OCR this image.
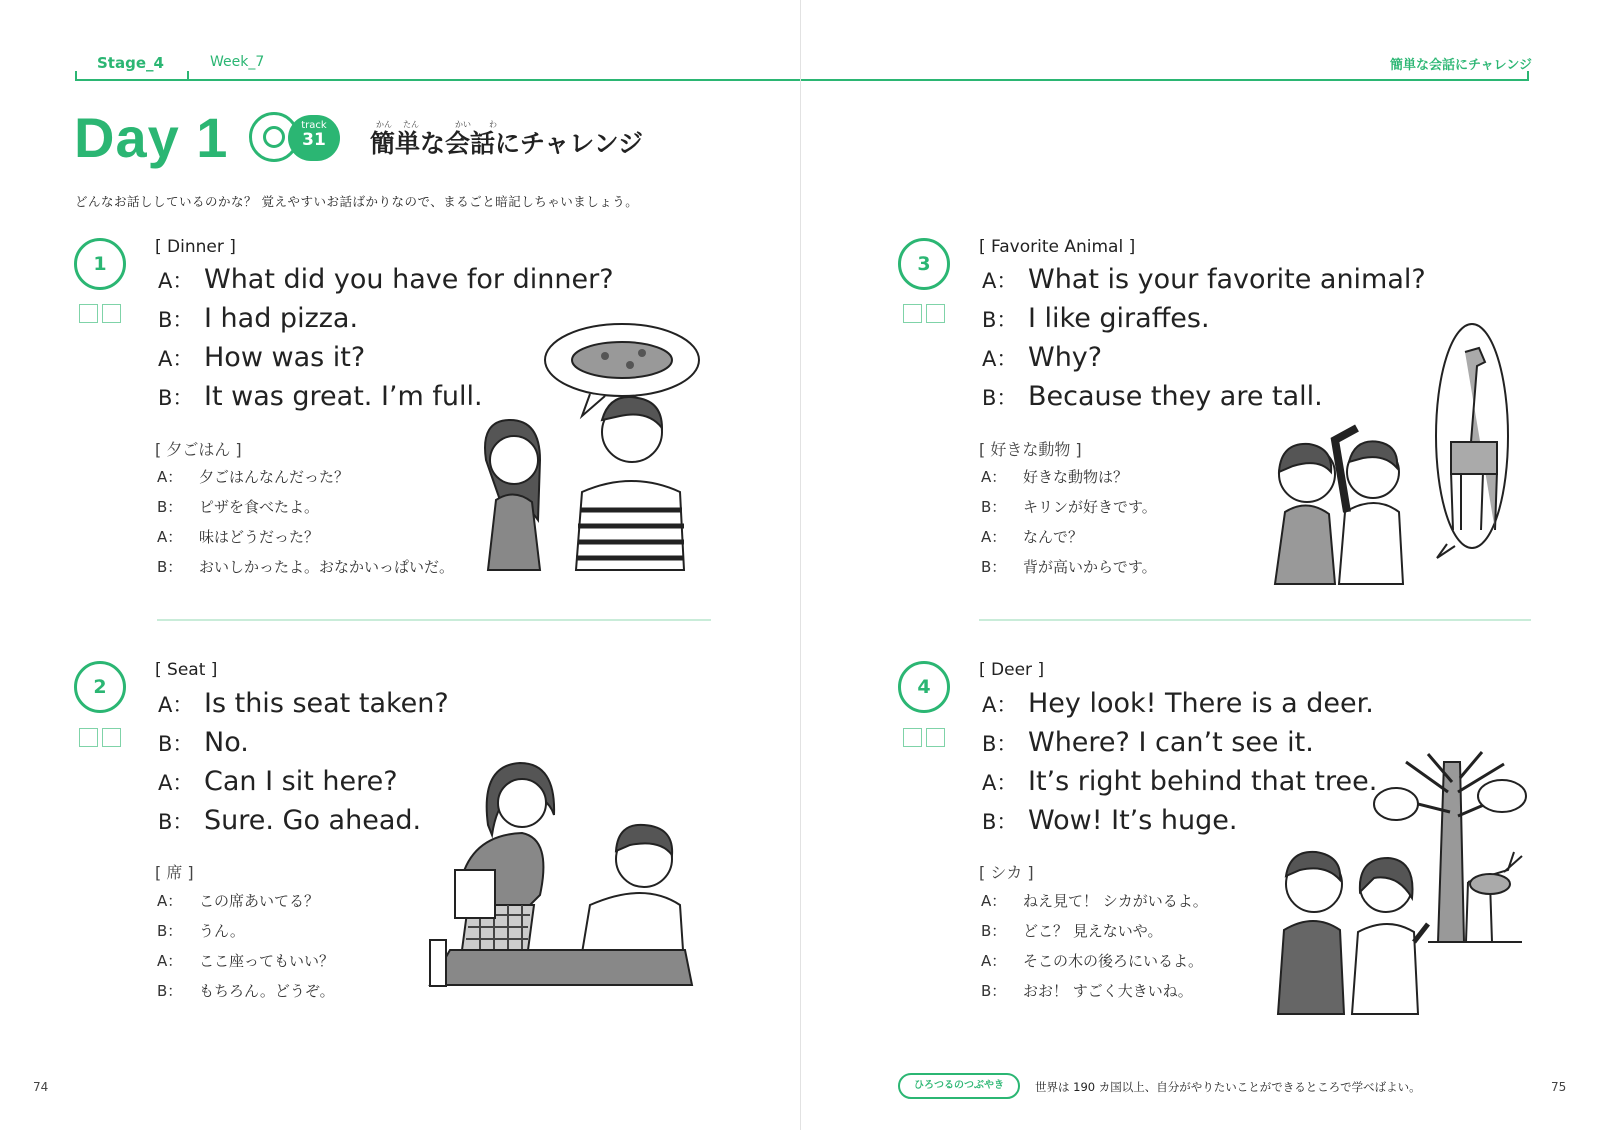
Stage_4	Week_7	簡単な会話にチャレンジ
Day 1	track
31
かん たん	かい わ
簡単な会話にチャレンジ
どんなお話ししているのかな？ 覚えやすいお話ばかりなので、まるごと暗記しちゃいましょう。
1
[ Dinner ]
A： What did you have for dinner?
B： I had pizza.
A： How was it?
B： It was great. I’m full.
[ 夕ごはん ]
A： 夕ごはんなんだった？
B： ピザを食べたよ。
A： 味はどうだった？
B： おいしかったよ。おなかいっぱいだ。
2
[ Seat ]
A： Is this seat taken?
B： No.
A： Can I sit here?
B： Sure. Go ahead.
[ 席 ]
A： この席あいてる？
B： うん。
A： ここ座ってもいい？
B： もちろん。どうぞ。
3
[ Favorite Animal ]
A： What is your favorite animal?
B： I like giraffes.
A： Why?
B： Because they are tall.
[ 好きな動物 ]
A： 好きな動物は？
B： キリンが好きです。
A： なんで？
B： 背が高いからです。
4
[ Deer ]
A： Hey look! There is a deer.
B： Where? I can’t see it.
A： It’s right behind that tree.
B： Wow! It’s huge.
[ シカ ]
A： ねえ見て！ シカがいるよ。
B： どこ？ 見えないや。
A： そこの木の後ろにいるよ。
B： おお！ すごく大きいね。
74	75
ひろつるのつぶやき	世界は 190 カ国以上、自分がやりたいことができるところで学べばよい。
